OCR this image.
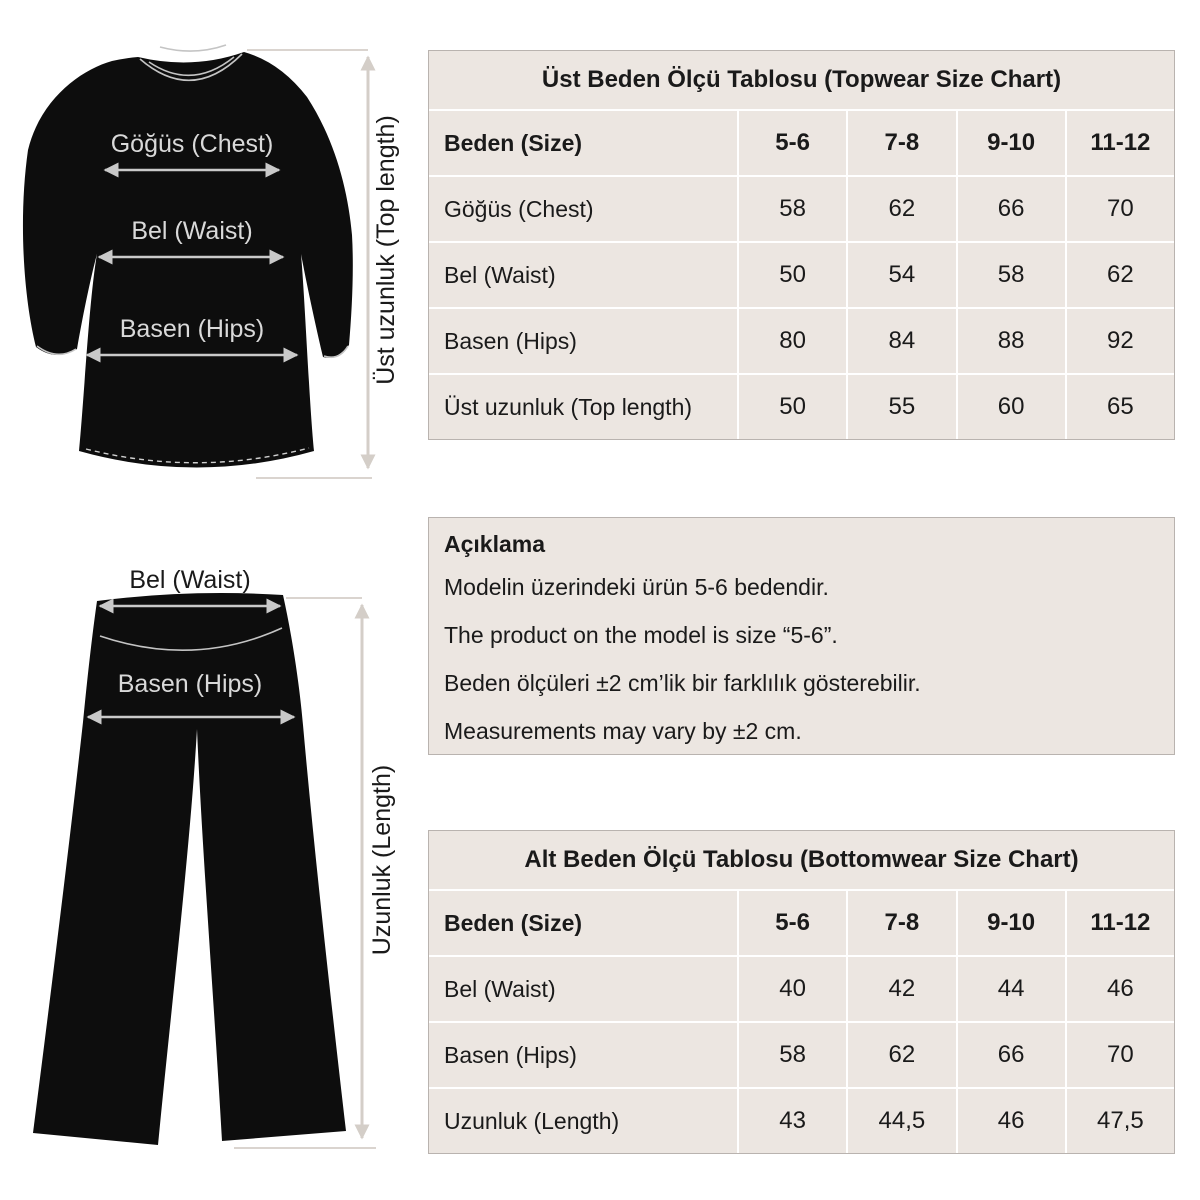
Göğüs (Chest)
Bel (Waist)
Basen (Hips)	Üst uzunluk (Top length)
Bel (Waist)
Basen (Hips)
Uzunluk (Length)
Üst Beden Ölçü Tablosu (Topwear Size Chart)
Beden (Size)	5-6	7-8	9-10	11-12
Göğüs (Chest)	58	62	66	70
Bel (Waist)	50	54	58	62
Basen (Hips)	80	84	88	92
Üst uzunluk (Top length)	50	55	60	65
Açıklama

Modelin üzerindeki ürün 5-6 bedendir.

The product on the model is size “5-6”.

Beden ölçüleri ±2 cm’lik bir farklılık gösterebilir.

Measurements may vary by ±2 cm.

Alt Beden Ölçü Tablosu (Bottomwear Size Chart)
Beden (Size)	5-6	7-8	9-10	11-12
Bel (Waist)	40	42	44	46
Basen (Hips)	58	62	66	70
Uzunluk (Length)	43	44,5	46	47,5
